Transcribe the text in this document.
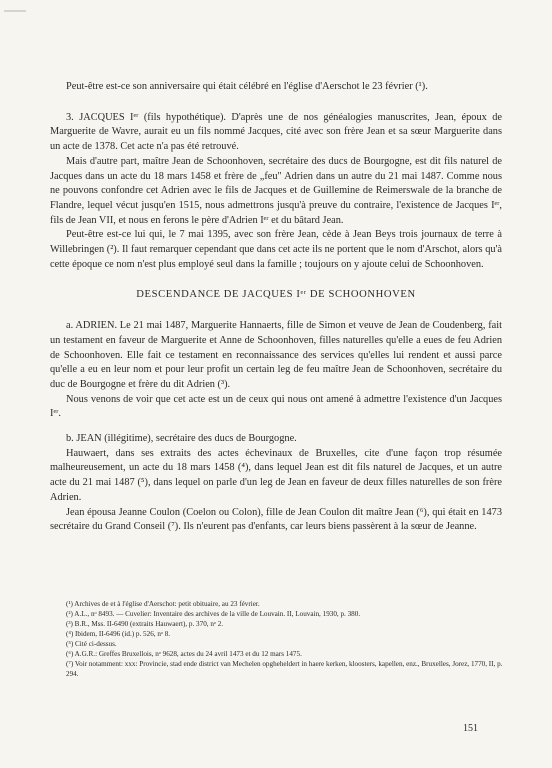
Peut-être est-ce son anniversaire qui était célébré en l'église d'Aerschot le 23 février (¹).

3. JACQUES Iᵉʳ (fils hypothétique). D'après une de nos généalogies manuscrites, Jean, époux de Marguerite de Wavre, aurait eu un fils nommé Jacques, cité avec son frère Jean et sa sœur Marguerite dans un acte de 1378. Cet acte n'a pas été retrouvé.

Mais d'autre part, maître Jean de Schoonhoven, secrétaire des ducs de Bourgogne, est dit fils naturel de Jacques dans un acte du 18 mars 1458 et frère de „feu" Adrien dans un autre du 21 mai 1487. Comme nous ne pouvons confondre cet Adrien avec le fils de Jacques et de Guillemine de Reimerswale de la branche de Flandre, lequel vécut jusqu'en 1515, nous admettrons jusqu'à preuve du contraire, l'existence de Jacques Iᵉʳ, fils de Jean VII, et nous en ferons le père d'Adrien Iᵉʳ et du bâtard Jean.

Peut-être est-ce lui qui, le 7 mai 1395, avec son frère Jean, cède à Jean Beys trois journaux de terre à Willebringen (²). Il faut remarquer cependant que dans cet acte ils ne portent que le nom d'Arschot, alors qu'à cette époque ce nom n'est plus employé seul dans la famille ; toujours on y ajoute celui de Schoonhoven.

DESCENDANCE DE JACQUES Iᵉʳ DE SCHOONHOVEN

a. ADRIEN. Le 21 mai 1487, Marguerite Hannaerts, fille de Simon et veuve de Jean de Coudenberg, fait un testament en faveur de Marguerite et Anne de Schoonhoven, filles naturelles qu'elle a eues de feu Adrien de Schoonhoven. Elle fait ce testament en reconnaissance des services qu'elles lui rendent et aussi parce qu'elle a eu en leur nom et pour leur profit un certain leg de feu maître Jean de Schoonhoven, secrétaire du duc de Bourgogne et frère du dit Adrien (³).

Nous venons de voir que cet acte est un de ceux qui nous ont amené à admettre l'existence d'un Jacques Iᵉʳ.

b. JEAN (illégitime), secrétaire des ducs de Bourgogne.

Hauwaert, dans ses extraits des actes échevinaux de Bruxelles, cite d'une façon trop résumée malheureusement, un acte du 18 mars 1458 (⁴), dans lequel Jean est dit fils naturel de Jacques, et un autre acte du 21 mai 1487 (⁵), dans lequel on parle d'un leg de Jean en faveur de deux filles naturelles de son frère Adrien.

Jean épousa Jeanne Coulon (Coelon ou Colon), fille de Jean Coulon dit maître Jean (⁶), qui était en 1473 secrétaire du Grand Conseil (⁷). Ils n'eurent pas d'enfants, car leurs biens passèrent à la sœur de Jeanne.

(¹) Archives de et à l'église d'Aerschot: petit obituaire, au 23 février.

(²) A.L., nᵒ 8493. — Cuvelier: Inventaire des archives de la ville de Louvain. II, Louvain, 1930, p. 380.

(³) B.R., Mss. II-6490 (extraits Hauwaert), p. 370, nᵒ 2.

(⁴) Ibidem, II-6496 (id.) p. 526, nᵒ 8.

(⁵) Cité ci-dessus.

(⁶) A.G.R.: Greffes Bruxellois, nᵒ 9628, actes du 24 avril 1473 et du 12 mars 1475.

(⁷) Voir notamment: xxx: Provincie, stad ende district van Mechelen opgheheldert in haere kerken, kloosters, kapellen, enz., Bruxelles, Jorez, 1770, II, p. 294.

151
